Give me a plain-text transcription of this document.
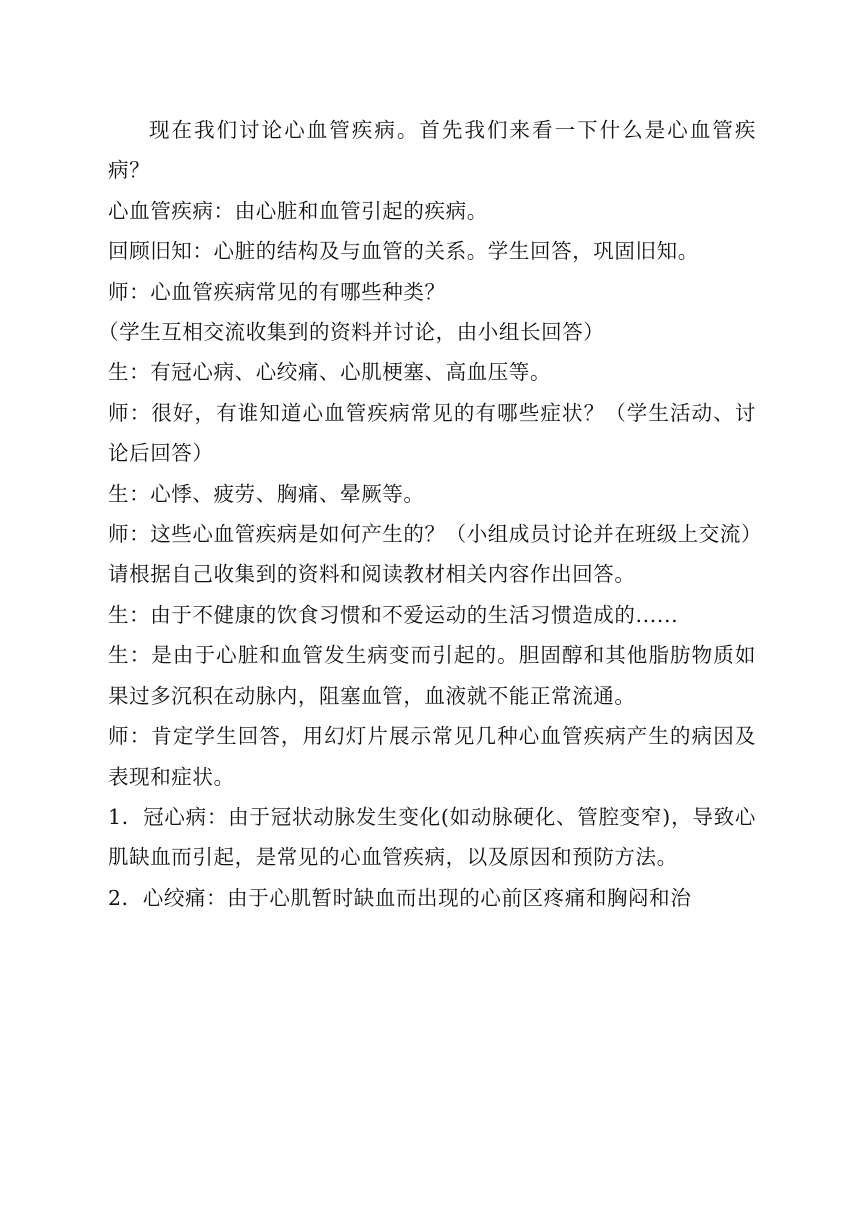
现在我们讨论心血管疾病。首先我们来看一下什么是心血管疾病？

心血管疾病：由心脏和血管引起的疾病。

回顾旧知：心脏的结构及与血管的关系。学生回答，巩固旧知。

师：心血管疾病常见的有哪些种类？

（学生互相交流收集到的资料并讨论，由小组长回答）

生：有冠心病、心绞痛、心肌梗塞、高血压等。

师：很好，有谁知道心血管疾病常见的有哪些症状？（学生活动、讨论后回答）

生：心悸、疲劳、胸痛、晕厥等。

师：这些心血管疾病是如何产生的？（小组成员讨论并在班级上交流）

请根据自己收集到的资料和阅读教材相关内容作出回答。

生：由于不健康的饮食习惯和不爱运动的生活习惯造成的......

生：是由于心脏和血管发生病变而引起的。胆固醇和其他脂肪物质如果过多沉积在动脉内，阻塞血管，血液就不能正常流通。

师：肯定学生回答，用幻灯片展示常见几种心血管疾病产生的病因及表现和症状。

1．冠心病：由于冠状动脉发生变化(如动脉硬化、管腔变窄)，导致心肌缺血而引起，是常见的心血管疾病，以及原因和预防方法。

2．心绞痛：由于心肌暂时缺血而出现的心前区疼痛和胸闷和治
